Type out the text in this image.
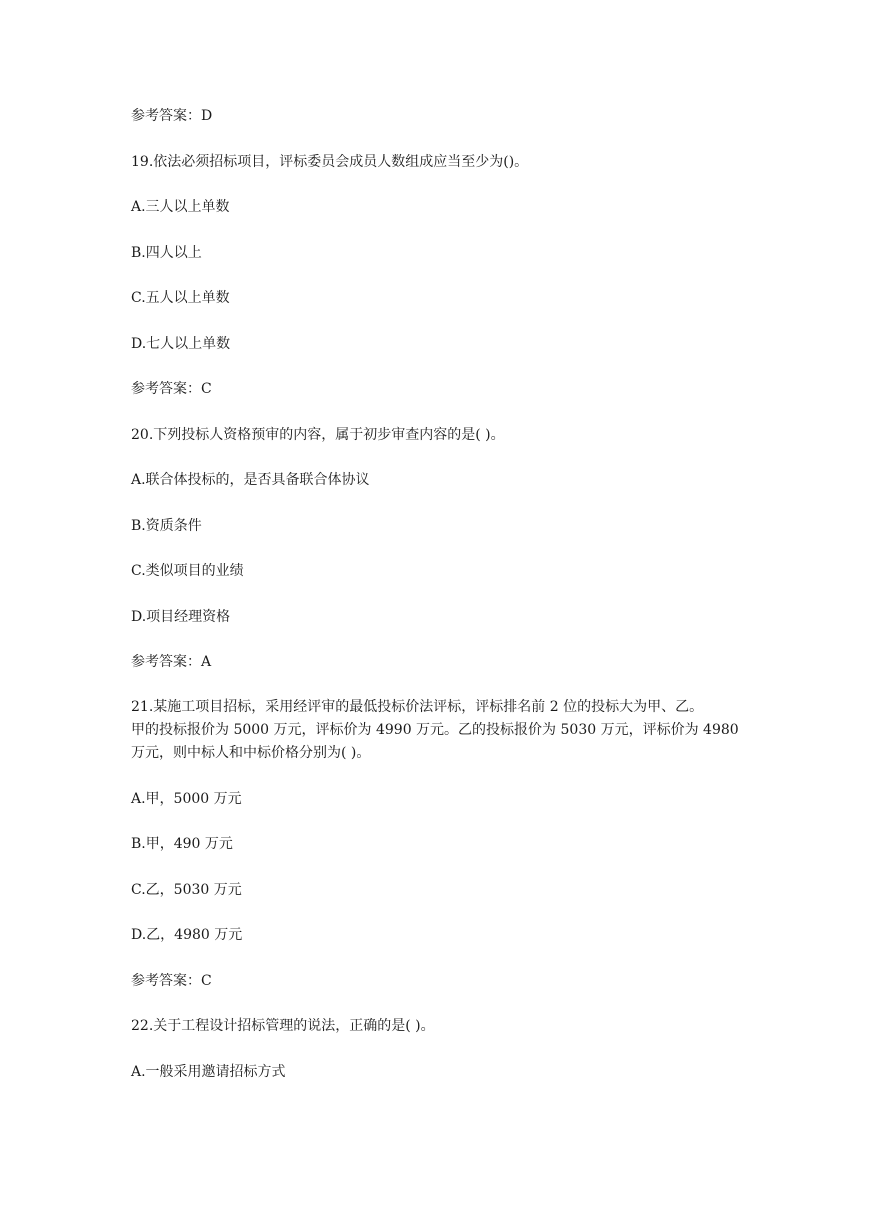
参考答案：D
19.依法必须招标项目，评标委员会成员人数组成应当至少为()。
A.三人以上单数
B.四人以上
C.五人以上单数
D.七人以上单数
参考答案：C
20.下列投标人资格预审的内容，属于初步审查内容的是( )。
A.联合体投标的，是否具备联合体协议
B.资质条件
C.类似项目的业绩
D.项目经理资格
参考答案：A
21.某施工项目招标，采用经评审的最低投标价法评标，评标排名前 2 位的投标大为甲、乙。
甲的投标报价为 5000 万元，评标价为 4990 万元。乙的投标报价为 5030 万元，评标价为 4980
万元，则中标人和中标价格分别为( )。
A.甲，5000 万元
B.甲，490 万元
C.乙，5030 万元
D.乙，4980 万元
参考答案：C
22.关于工程设计招标管理的说法，正确的是( )。
A.一般采用邀请招标方式
